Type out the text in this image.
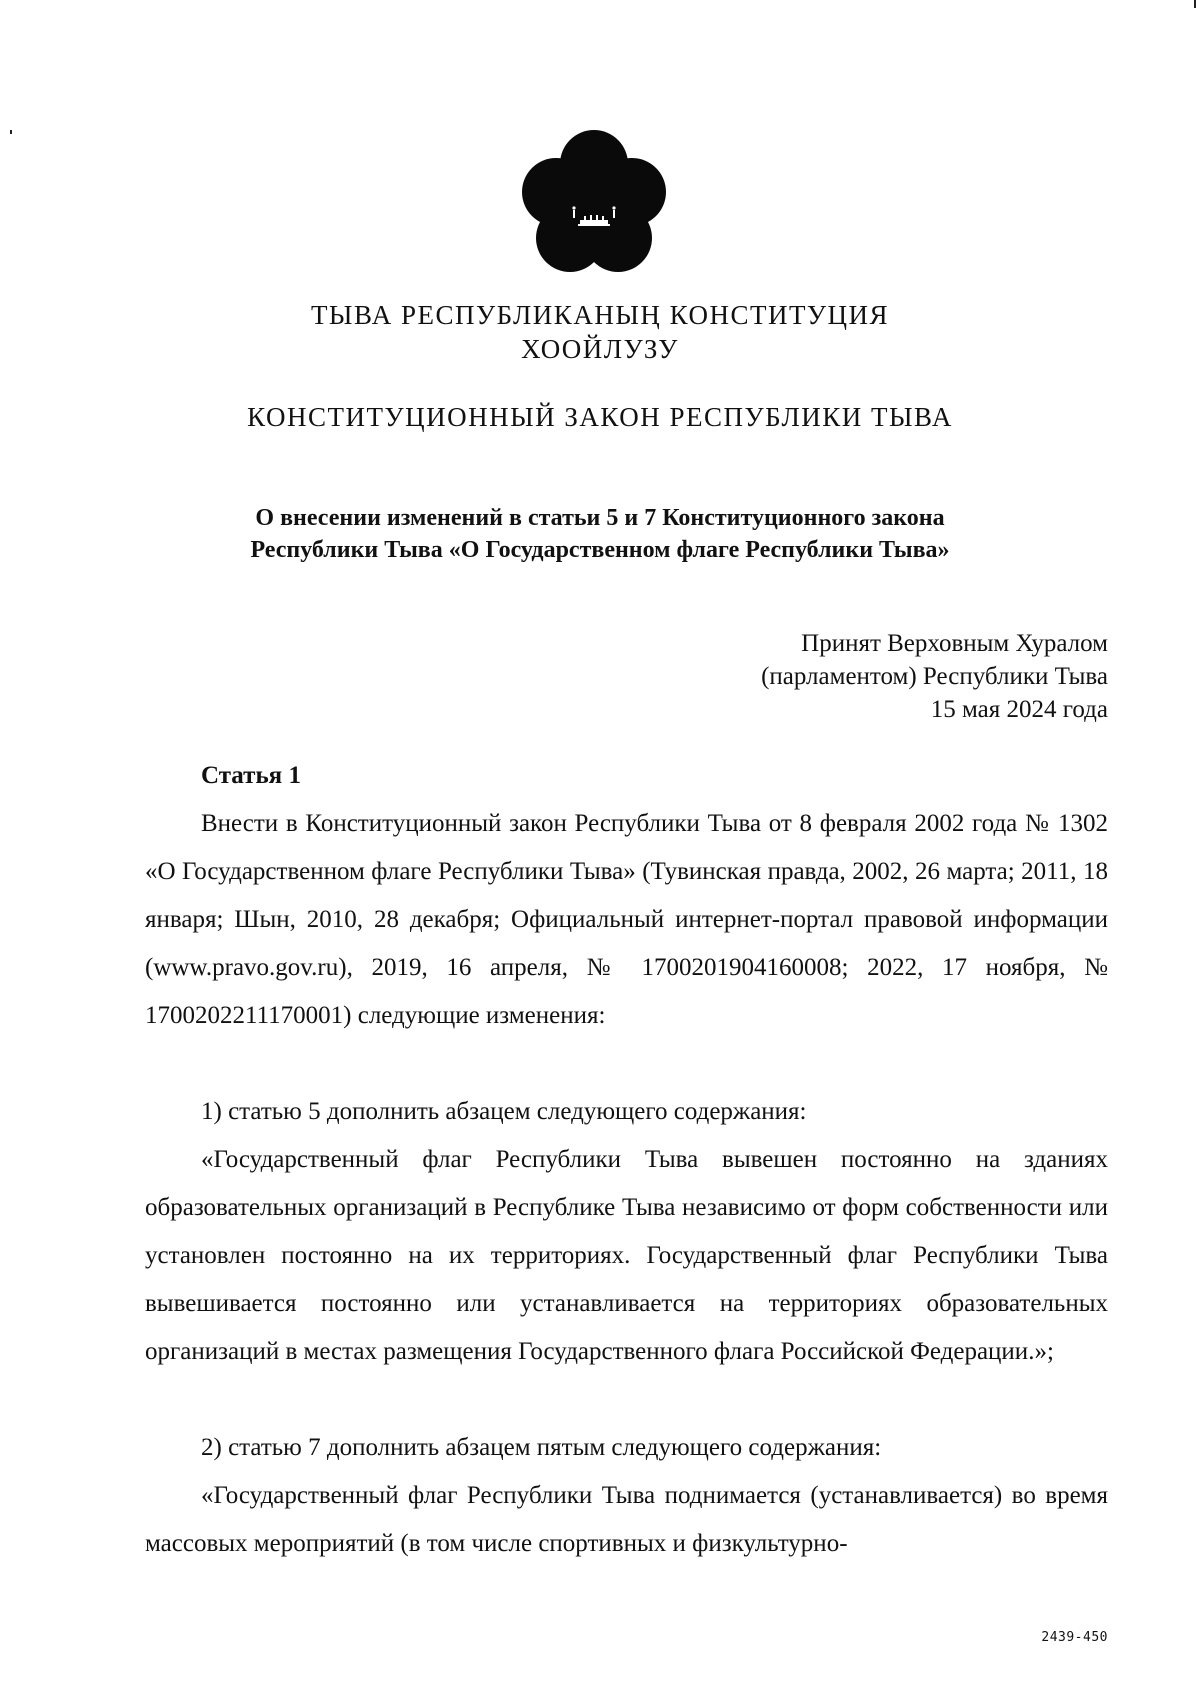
ТЫВА РЕСПУБЛИКАНЫҢ КОНСТИТУЦИЯ
ХООЙЛУЗУ
КОНСТИТУЦИОННЫЙ ЗАКОН РЕСПУБЛИКИ ТЫВА
О внесении изменений в статьи 5 и 7 Конституционного закона
Республики Тыва «О Государственном флаге Республики Тыва»
Принят Верховным Хуралом
(парламентом) Республики Тыва
15 мая 2024 года
Статья 1

Внести в Конституционный закон Республики Тыва от 8 февраля 2002 года № 1302 «О Государственном флаге Республики Тыва» (Тувинская правда, 2002, 26 марта; 2011, 18 января; Шын, 2010, 28 декабря; Официальный интернет-портал правовой информации (www.pravo.gov.ru), 2019, 16 апреля, № 1700201904160008; 2022, 17 ноября, № 1700202211170001) следующие изменения:

1) статью 5 дополнить абзацем следующего содержания:

«Государственный флаг Республики Тыва вывешен постоянно на зданиях образовательных организаций в Республике Тыва независимо от форм собственности или установлен постоянно на их территориях. Государственный флаг Республики Тыва вывешивается постоянно или устанавливается на территориях образовательных организаций в местах размещения Государственного флага Российской Федерации.»;

2) статью 7 дополнить абзацем пятым следующего содержания:

«Государственный флаг Республики Тыва поднимается (устанавливается) во время массовых мероприятий (в том числе спортивных и физкультурно-

2439-450
